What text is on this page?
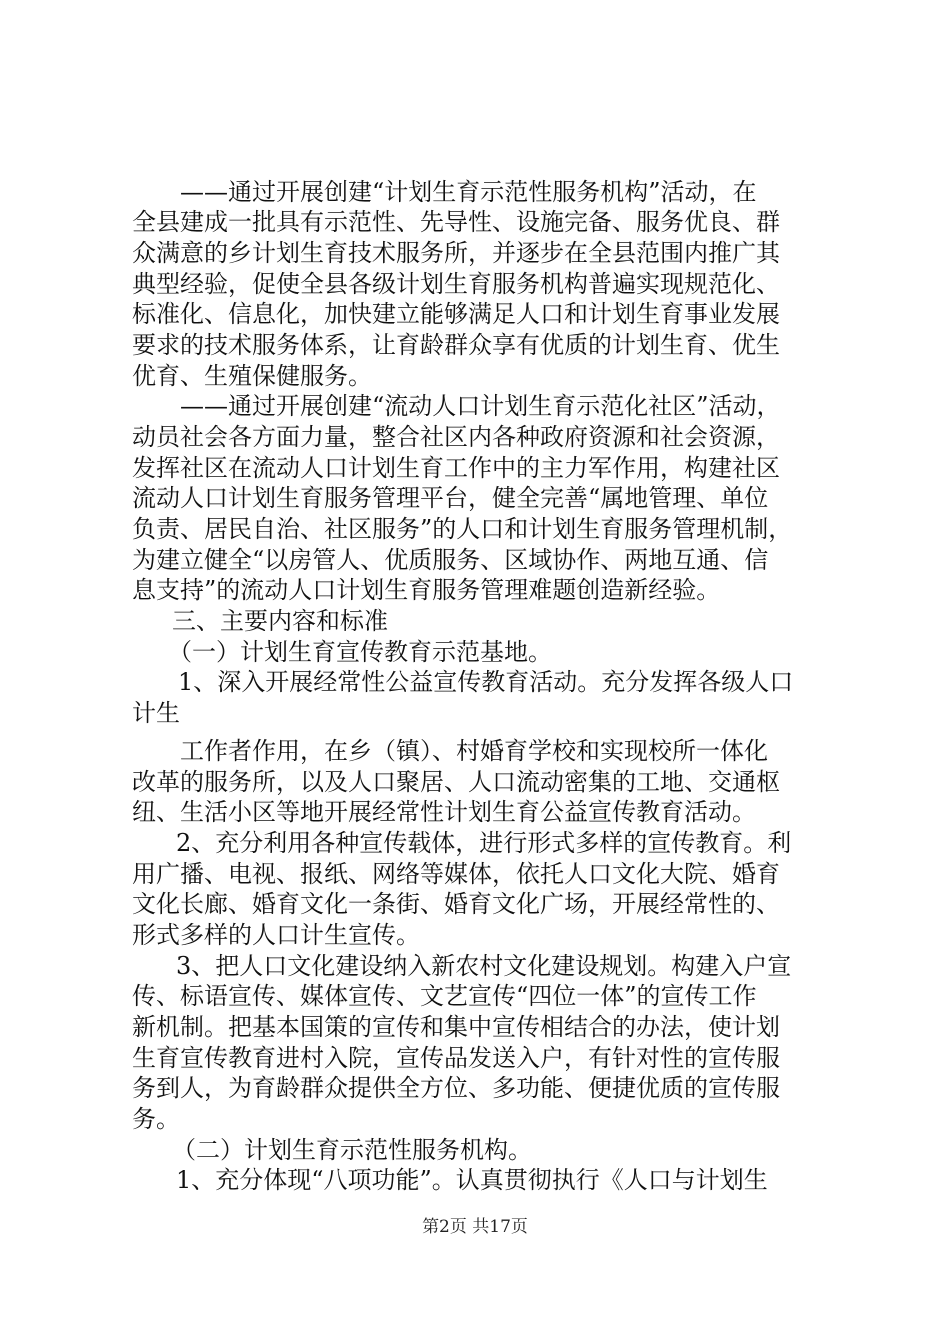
——通过开展创建“计划生育示范性服务机构”活动，在
全县建成一批具有示范性、先导性、设施完备、服务优良、群
众满意的乡计划生育技术服务所，并逐步在全县范围内推广其
典型经验，促使全县各级计划生育服务机构普遍实现规范化、
标准化、信息化，加快建立能够满足人口和计划生育事业发展
要求的技术服务体系，让育龄群众享有优质的计划生育、优生
优育、生殖保健服务。
——通过开展创建“流动人口计划生育示范化社区”活动，
动员社会各方面力量，整合社区内各种政府资源和社会资源，
发挥社区在流动人口计划生育工作中的主力军作用，构建社区
流动人口计划生育服务管理平台，健全完善“属地管理、单位
负责、居民自治、社区服务”的人口和计划生育服务管理机制，
为建立健全“以房管人、优质服务、区域协作、两地互通、信
息支持”的流动人口计划生育服务管理难题创造新经验。
三、主要内容和标准
（一）计划生育宣传教育示范基地。
1、深入开展经常性公益宣传教育活动。充分发挥各级人口
计生
工作者作用，在乡（镇）、村婚育学校和实现校所一体化
改革的服务所，以及人口聚居、人口流动密集的工地、交通枢
纽、生活小区等地开展经常性计划生育公益宣传教育活动。
2、充分利用各种宣传载体，进行形式多样的宣传教育。利
用广播、电视、报纸、网络等媒体，依托人口文化大院、婚育
文化长廊、婚育文化一条街、婚育文化广场，开展经常性的、
形式多样的人口计生宣传。
3、把人口文化建设纳入新农村文化建设规划。构建入户宣
传、标语宣传、媒体宣传、文艺宣传“四位一体”的宣传工作
新机制。把基本国策的宣传和集中宣传相结合的办法，使计划
生育宣传教育进村入院，宣传品发送入户，有针对性的宣传服
务到人，为育龄群众提供全方位、多功能、便捷优质的宣传服
务。
（二）计划生育示范性服务机构。
1、充分体现“八项功能”。认真贯彻执行《人口与计划生
第2页 共17页
